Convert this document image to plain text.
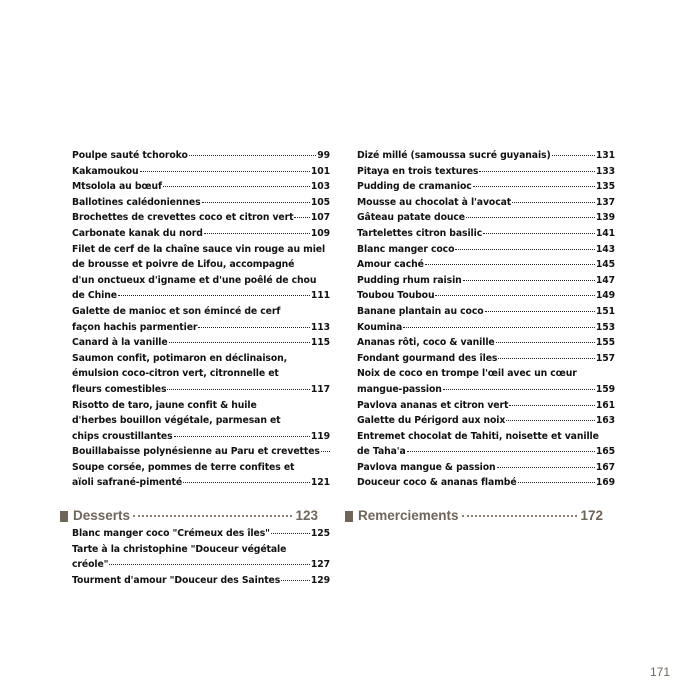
Poulpe sauté tchoroko	99
Kakamoukou	101
Mtsolola au bœuf	103
Ballotines calédoniennes	105
Brochettes de crevettes coco et citron vert 107
Carbonate kanak du nord	109
Filet de cerf de la chaîne sauce vin rouge au miel
de brousse et poivre de Lifou, accompagné
d'un onctueux d'igname et d'une poêlé de chou
de Chine	111
Galette de manioc et son émincé de cerf
façon hachis parmentier	113
Canard à la vanille	115
Saumon confit, potimaron en déclinaison,
émulsion coco-citron vert, citronnelle et
fleurs comestibles	117
Risotto de taro, jaune confit & huile
d'herbes bouillon végétale, parmesan et
chips croustillantes	119
Bouillabaisse polynésienne au Paru et crevettes
Soupe corsée, pommes de terre confites et
aïoli safrané-pimenté	121
Desserts	123
Blanc manger coco "Crémeux des îles"	125
Tarte à la christophine "Douceur végétale
créole"	127
Tourment d'amour "Douceur des Saintes	129
Dizé millé (samoussa sucré guyanais)	131
Pitaya en trois textures	133
Pudding de cramanioc	135
Mousse au chocolat à l'avocat	137
Gâteau patate douce	139
Tartelettes citron basilic	141
Blanc manger coco	143
Amour caché	145
Pudding rhum raisin	147
Toubou Toubou	149
Banane plantain au coco	151
Koumina	153
Ananas rôti, coco & vanille	155
Fondant gourmand des îles	157
Noix de coco en trompe l'œil avec un cœur
mangue-passion	159
Pavlova ananas et citron vert	161
Galette du Périgord aux noix	163
Entremet chocolat de Tahiti, noisette et vanille
de Taha'a	165
Pavlova mangue & passion	167
Douceur coco & ananas flambé	169
Remerciements	172
171
